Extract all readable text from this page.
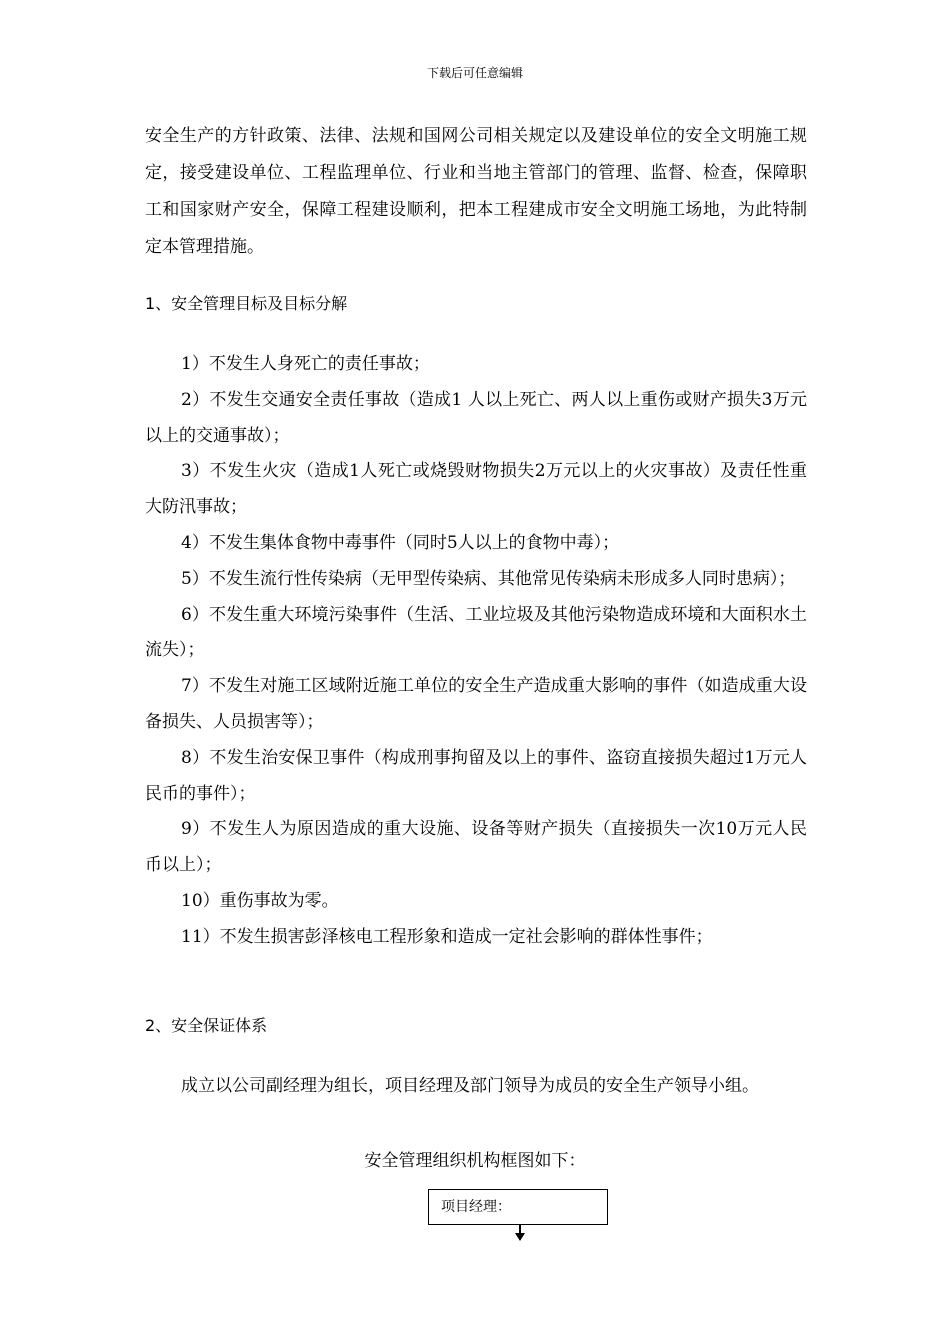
下载后可任意编辑

安全生产的方针政策、法律、法规和国网公司相关规定以及建设单位的安全文明施工规定，接受建设单位、工程监理单位、行业和当地主管部门的管理、监督、检查，保障职工和国家财产安全，保障工程建设顺利，把本工程建成市安全文明施工场地，为此特制定本管理措施。

1、安全管理目标及目标分解
1）不发生人身死亡的责任事故；
2）不发生交通安全责任事故（造成1 人以上死亡、两人以上重伤或财产损失3万元以上的交通事故）；
3）不发生火灾（造成1人死亡或烧毁财物损失2万元以上的火灾事故）及责任性重大防汛事故；
4）不发生集体食物中毒事件（同时5人以上的食物中毒）；
5）不发生流行性传染病（无甲型传染病、其他常见传染病未形成多人同时患病）；
6）不发生重大环境污染事件（生活、工业垃圾及其他污染物造成环境和大面积水土流失）；
7）不发生对施工区域附近施工单位的安全生产造成重大影响的事件（如造成重大设备损失、人员损害等）；
8）不发生治安保卫事件（构成刑事拘留及以上的事件、盗窃直接损失超过1万元人民币的事件）；
9）不发生人为原因造成的重大设施、设备等财产损失（直接损失一次10万元人民币以上）；
10）重伤事故为零。
11）不发生损害彭泽核电工程形象和造成一定社会影响的群体性事件；
2、安全保证体系

成立以公司副经理为组长，项目经理及部门领导为成员的安全生产领导小组。

安全管理组织机构框图如下：

项目经理：
